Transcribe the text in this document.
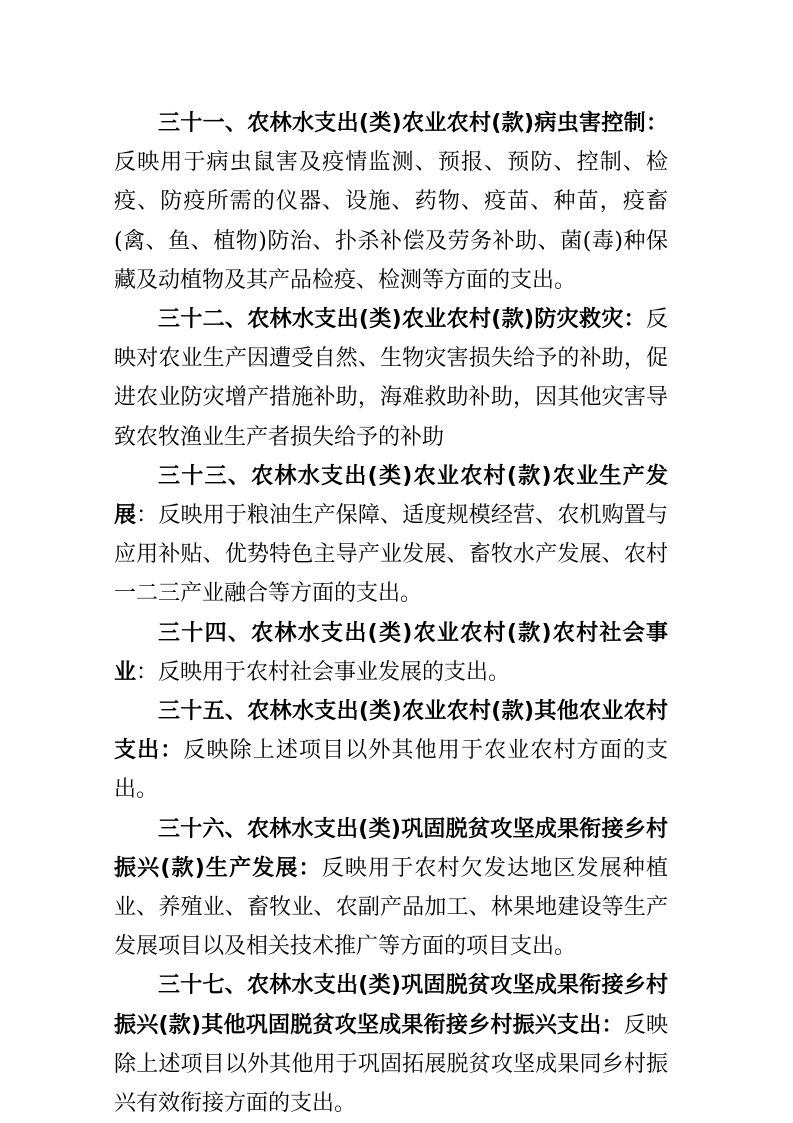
三十一、农林水支出(类)农业农村(款)病虫害控制：反映用于病虫鼠害及疫情监测、预报、预防、控制、检疫、防疫所需的仪器、设施、药物、疫苗、种苗，疫畜(禽、鱼、植物)防治、扑杀补偿及劳务补助、菌(毒)种保藏及动植物及其产品检疫、检测等方面的支出。

三十二、农林水支出(类)农业农村(款)防灾救灾：反映对农业生产因遭受自然、生物灾害损失给予的补助，促进农业防灾增产措施补助，海难救助补助，因其他灾害导致农牧渔业生产者损失给予的补助

三十三、农林水支出(类)农业农村(款)农业生产发展：反映用于粮油生产保障、适度规模经营、农机购置与应用补贴、优势特色主导产业发展、畜牧水产发展、农村一二三产业融合等方面的支出。

三十四、农林水支出(类)农业农村(款)农村社会事业：反映用于农村社会事业发展的支出。

三十五、农林水支出(类)农业农村(款)其他农业农村支出：反映除上述项目以外其他用于农业农村方面的支出。

三十六、农林水支出(类)巩固脱贫攻坚成果衔接乡村振兴(款)生产发展：反映用于农村欠发达地区发展种植业、养殖业、畜牧业、农副产品加工、林果地建设等生产发展项目以及相关技术推广等方面的项目支出。

三十七、农林水支出(类)巩固脱贫攻坚成果衔接乡村振兴(款)其他巩固脱贫攻坚成果衔接乡村振兴支出：反映除上述项目以外其他用于巩固拓展脱贫攻坚成果同乡村振兴有效衔接方面的支出。
